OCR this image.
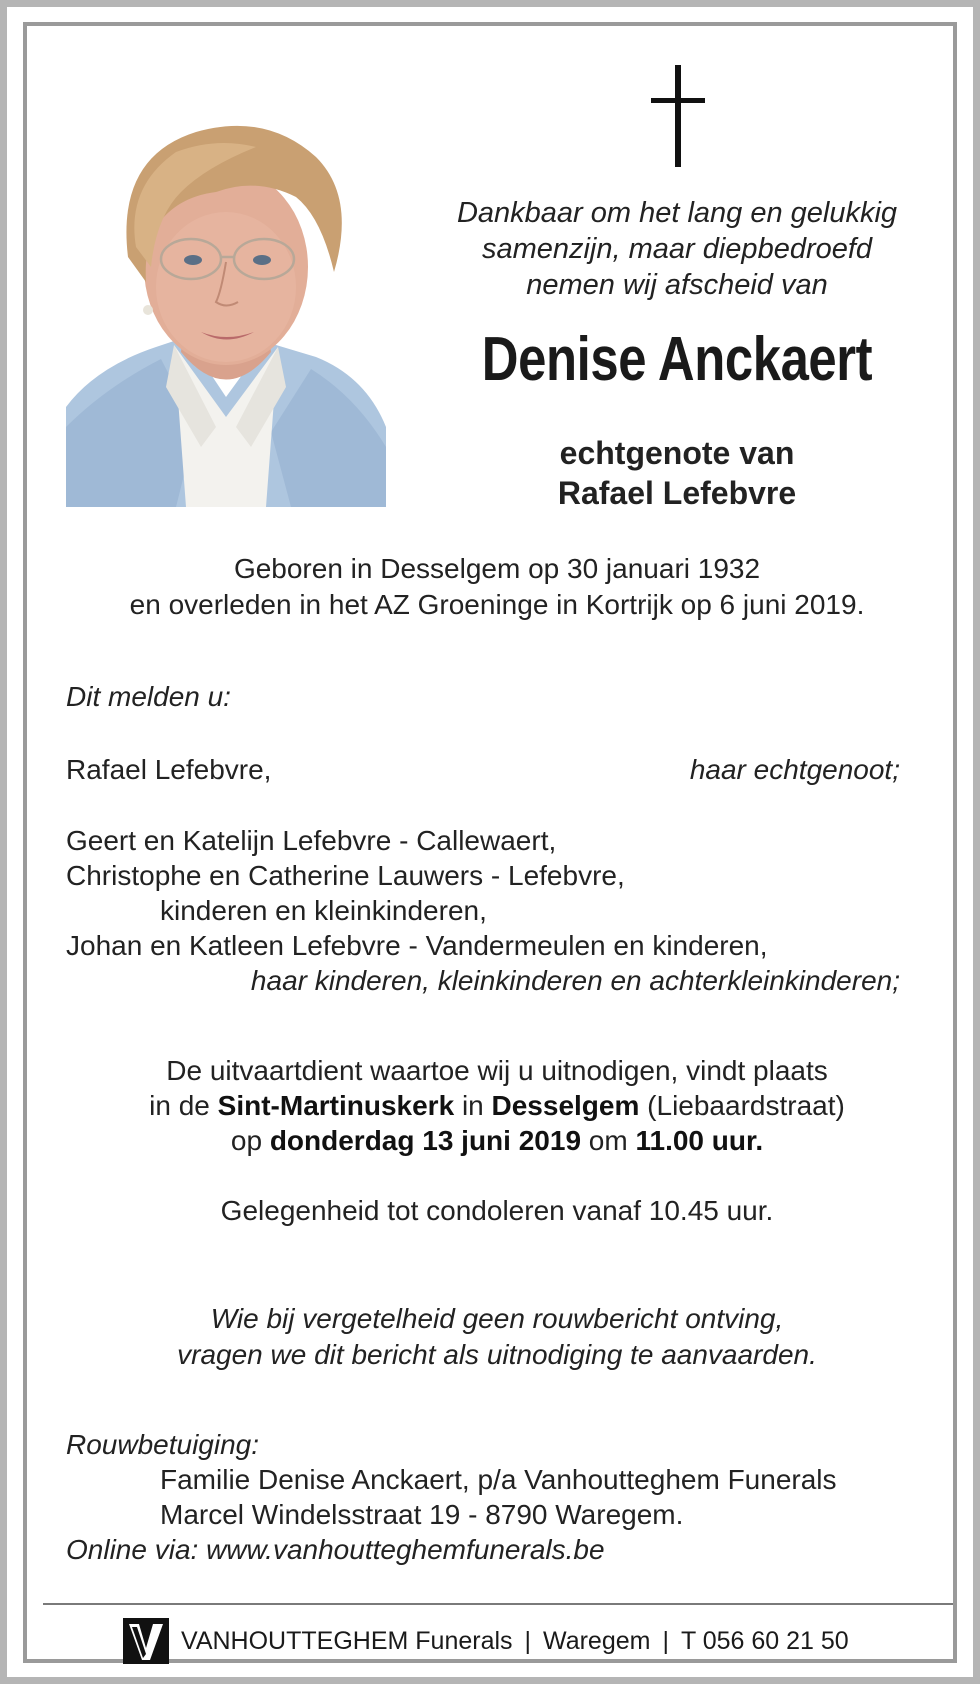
Dankbaar om het lang en gelukkig
samenzijn, maar diepbedroefd
nemen wij afscheid van
Denise Anckaert
echtgenote van
Rafael Lefebvre
Geboren in Desselgem op 30 januari 1932
en overleden in het AZ Groeninge in Kortrijk op 6 juni 2019.
Dit melden u:
Rafael Lefebvre,	haar echtgenoot;
Geert en Katelijn Lefebvre - Callewaert,
Christophe en Catherine Lauwers - Lefebvre,
kinderen en kleinkinderen,
Johan en Katleen Lefebvre - Vandermeulen en kinderen,
haar kinderen, kleinkinderen en achterkleinkinderen;
De uitvaartdient waartoe wij u uitnodigen, vindt plaats
in de Sint-Martinuskerk in Desselgem (Liebaardstraat)
op donderdag 13 juni 2019 om 11.00 uur.
Gelegenheid tot condoleren vanaf 10.45 uur.
Wie bij vergetelheid geen rouwbericht ontving,
vragen we dit bericht als uitnodiging te aanvaarden.
Rouwbetuiging:
Familie Denise Anckaert, p/a Vanhoutteghem Funerals
Marcel Windelsstraat 19 - 8790 Waregem.
Online via: www.vanhoutteghemfunerals.be
VANHOUTTEGHEM Funerals | Waregem | T 056 60 21 50
